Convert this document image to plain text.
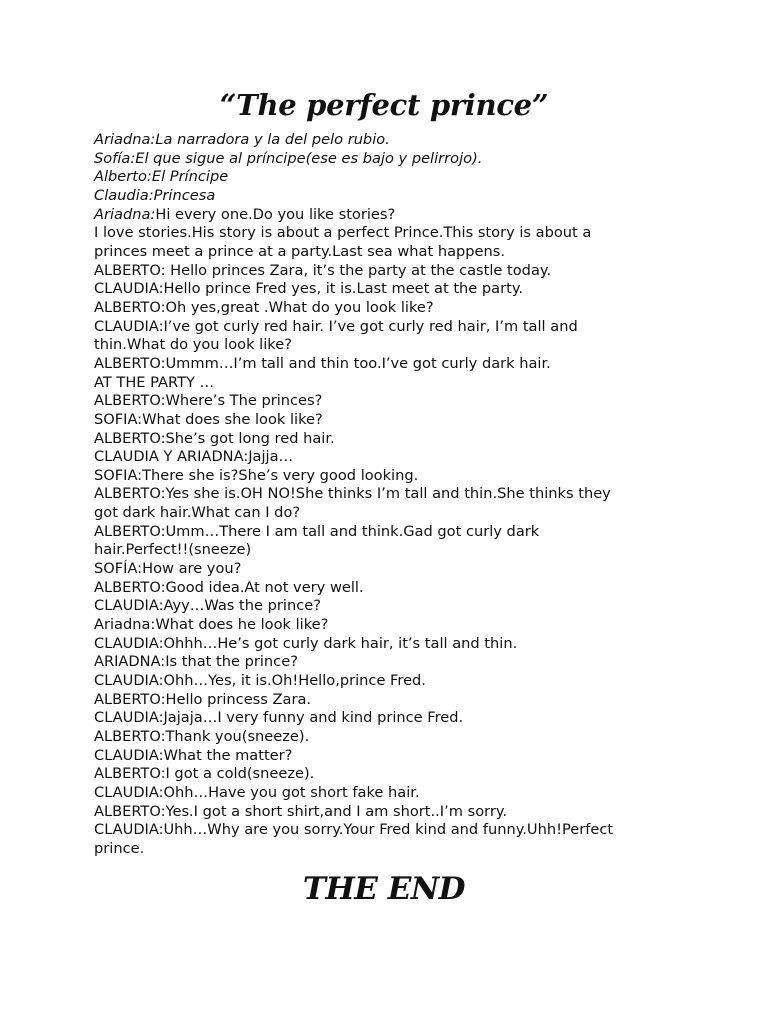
“The perfect prince”
Ariadna:La narradora y la del pelo rubio.
Sofía:El que sigue al príncipe(ese es bajo y pelirrojo).
Alberto:El Príncipe
Claudia:Princesa
Ariadna:Hi every one.Do you like stories?
I love stories.His story is about a perfect Prince.This story is about a
princes meet a prince at a party.Last sea what happens.
ALBERTO: Hello princes Zara, it’s the party at the castle today.
CLAUDIA:Hello prince Fred yes, it is.Last meet at the party.
ALBERTO:Oh yes,great .What do you look like?
CLAUDIA:I’ve got curly red hair. I’ve got curly red hair, I’m tall and
thin.What do you look like?
ALBERTO:Ummm…I’m tall and thin too.I’ve got curly dark hair.
AT THE PARTY …
ALBERTO:Where’s The princes?
SOFIA:What does she look like?
ALBERTO:She’s got long red hair.
CLAUDIA Y ARIADNA:Jajja…
SOFIA:There she is?She’s very good looking.
ALBERTO:Yes she is.OH NO!She thinks I’m tall and thin.She thinks they
got dark hair.What can I do?
ALBERTO:Umm…There I am tall and think.Gad got curly dark
hair.Perfect!!(sneeze)
SOFÍA:How are you?
ALBERTO:Good idea.At not very well.
CLAUDIA:Ayy…Was the prince?
Ariadna:What does he look like?
CLAUDIA:Ohhh…He’s got curly dark hair, it’s tall and thin.
ARIADNA:Is that the prince?
CLAUDIA:Ohh…Yes, it is.Oh!Hello,prince Fred.
ALBERTO:Hello princess Zara.
CLAUDIA:Jajaja…I very funny and kind prince Fred.
ALBERTO:Thank you(sneeze).
CLAUDIA:What the matter?
ALBERTO:I got a cold(sneeze).
CLAUDIA:Ohh…Have you got short fake hair.
ALBERTO:Yes.I got a short shirt,and I am short..I’m sorry.
CLAUDIA:Uhh…Why are you sorry.Your Fred kind and funny.Uhh!Perfect
prince.
THE END
